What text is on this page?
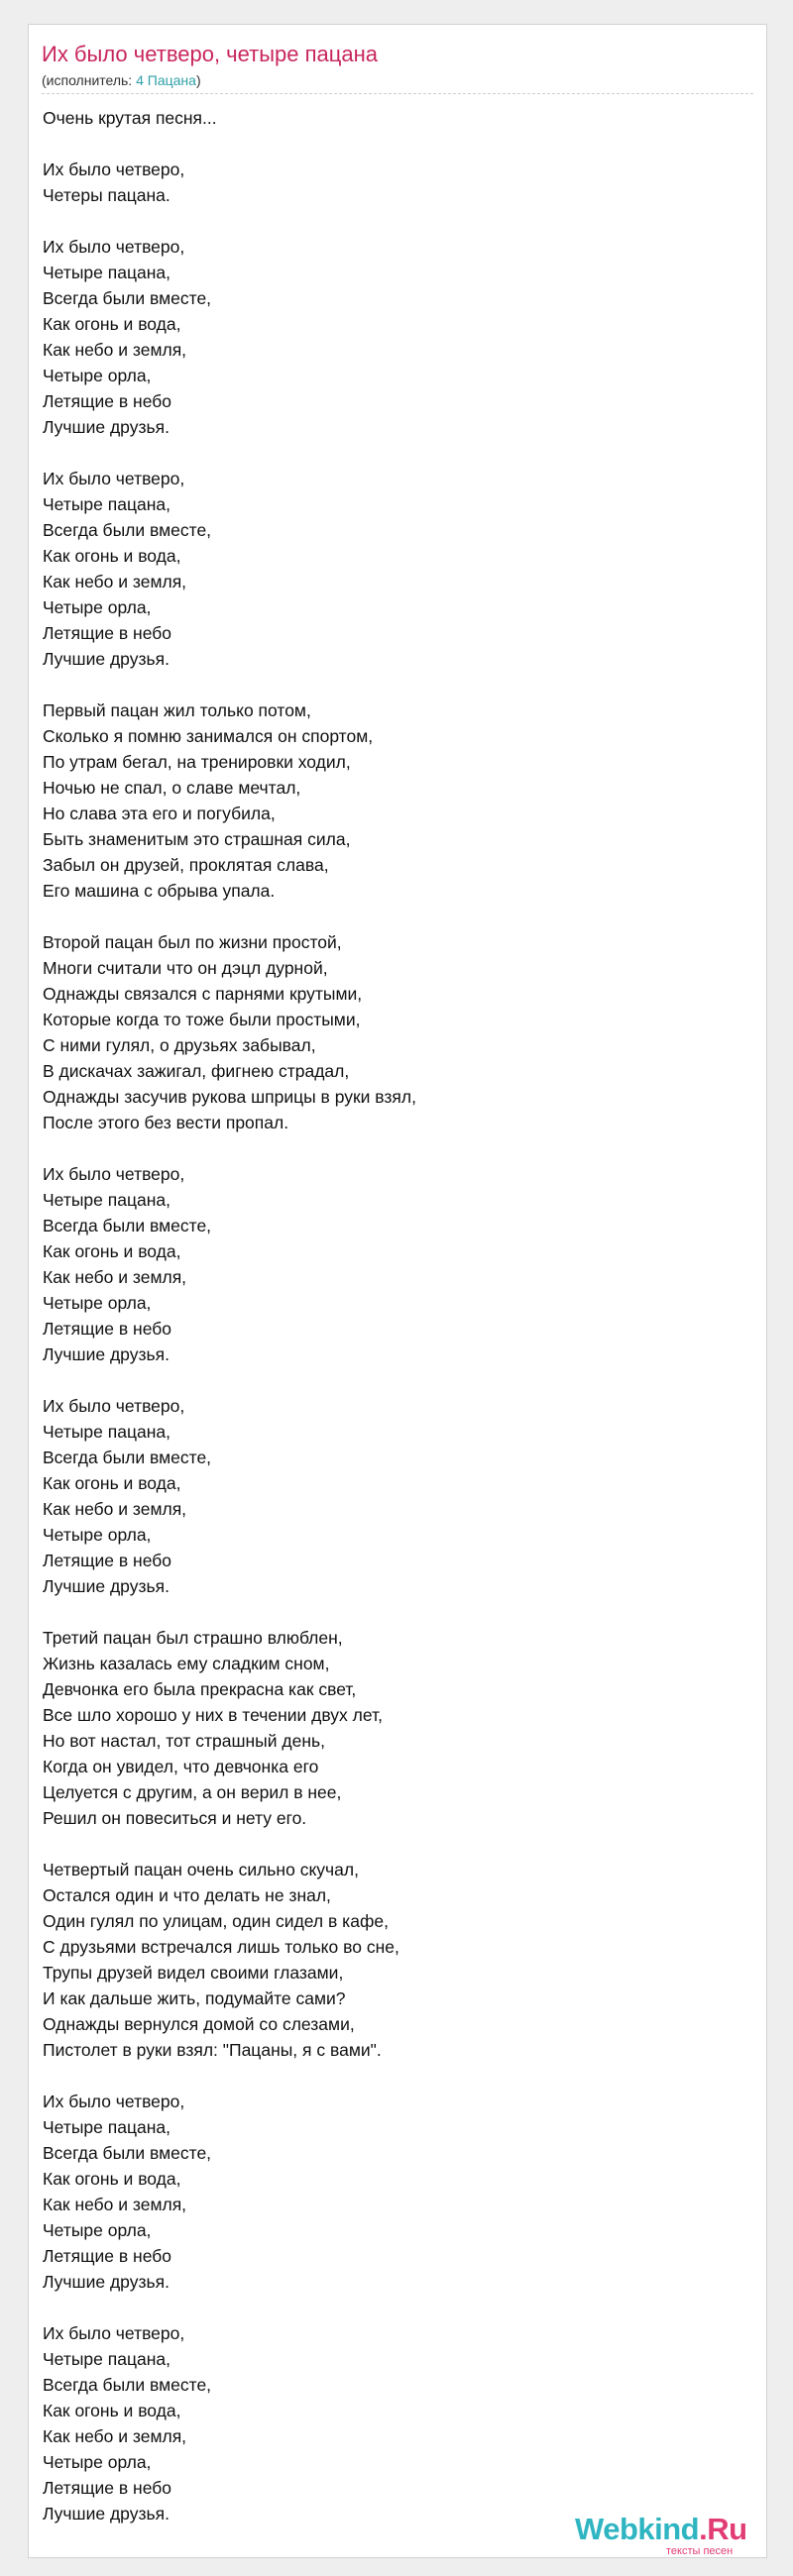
Их было четверо, четыре пацана
(исполнитель: 4 Пацана)
Очень крутая песня...
Их было четверо,
Четеры пацана.
Их было четверо,
Четыре пацана,
Всегда были вместе,
Как огонь и вода,
Как небо и земля,
Четыре орла,
Летящие в небо
Лучшие друзья.
Их было четверо,
Четыре пацана,
Всегда были вместе,
Как огонь и вода,
Как небо и земля,
Четыре орла,
Летящие в небо
Лучшие друзья.
Первый пацан жил только потом,
Сколько я помню занимался он спортом,
По утрам бегал, на тренировки ходил,
Ночью не спал, о славе мечтал,
Но слава эта его и погубила,
Быть знаменитым это страшная сила,
Забыл он друзей, проклятая слава,
Его машина с обрыва упала.
Второй пацан был по жизни простой,
Многи считали что он дэцл дурной,
Однажды связался с парнями крутыми,
Которые когда то тоже были простыми,
С ними гулял, о друзьях забывал,
В дискачах зажигал, фигнею страдал,
Однажды засучив рукова шприцы в руки взял,
После этого без вести пропал.
Их было четверо,
Четыре пацана,
Всегда были вместе,
Как огонь и вода,
Как небо и земля,
Четыре орла,
Летящие в небо
Лучшие друзья.
Их было четверо,
Четыре пацана,
Всегда были вместе,
Как огонь и вода,
Как небо и земля,
Четыре орла,
Летящие в небо
Лучшие друзья.
Третий пацан был страшно влюблен,
Жизнь казалась ему сладким сном,
Девчонка его была прекрасна как свет,
Все шло хорошо у них в течении двух лет,
Но вот настал, тот страшный день,
Когда он увидел, что девчонка его
Целуется с другим, а он верил в нее,
Решил он повеситься и нету его.
Четвертый пацан очень сильно скучал,
Остался один и что делать не знал,
Один гулял по улицам, один сидел в кафе,
С друзьями встречался лишь только во сне,
Трупы друзей видел своими глазами,
И как дальше жить, подумайте сами?
Однажды вернулся домой со слезами,
Пистолет в руки взял: "Пацаны, я с вами".
Их было четверо,
Четыре пацана,
Всегда были вместе,
Как огонь и вода,
Как небо и земля,
Четыре орла,
Летящие в небо
Лучшие друзья.
Их было четверо,
Четыре пацана,
Всегда были вместе,
Как огонь и вода,
Как небо и земля,
Четыре орла,
Летящие в небо
Лучшие друзья.	Webkind.Ru
тексты песен
